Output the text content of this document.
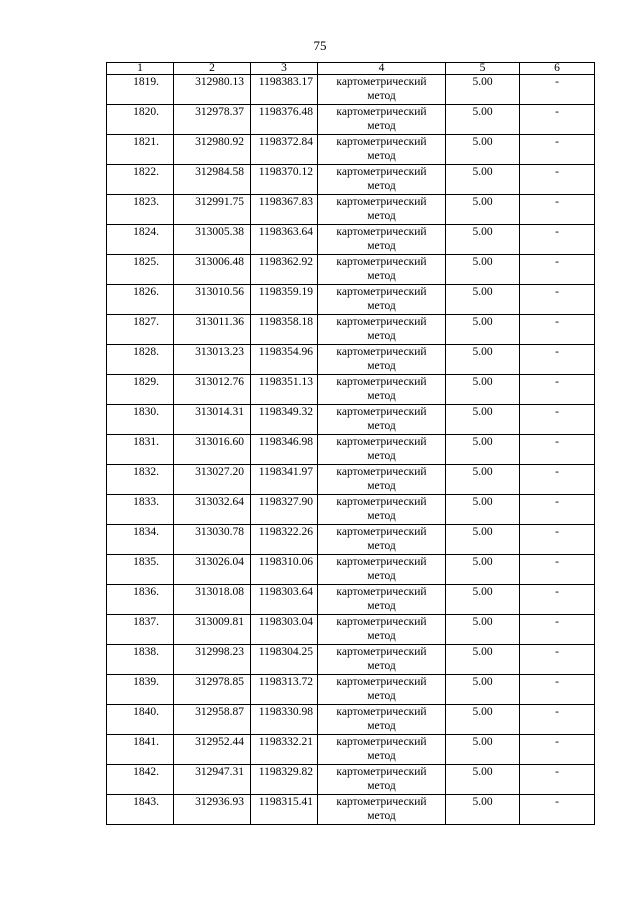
75
1	2	3	4	5	6

1819.	312980.13	1198383.17	картометрический
метод	5.00	-

1820.	312978.37	1198376.48	картометрический
метод	5.00	-

1821.	312980.92	1198372.84	картометрический
метод	5.00	-

1822.	312984.58	1198370.12	картометрический
метод	5.00	-

1823.	312991.75	1198367.83	картометрический
метод	5.00	-

1824.	313005.38	1198363.64	картометрический
метод	5.00	-

1825.	313006.48	1198362.92	картометрический
метод	5.00	-

1826.	313010.56	1198359.19	картометрический
метод	5.00	-

1827.	313011.36	1198358.18	картометрический
метод	5.00	-

1828.	313013.23	1198354.96	картометрический
метод	5.00	-

1829.	313012.76	1198351.13	картометрический
метод	5.00	-

1830.	313014.31	1198349.32	картометрический
метод	5.00	-

1831.	313016.60	1198346.98	картометрический
метод	5.00	-

1832.	313027.20	1198341.97	картометрический
метод	5.00	-

1833.	313032.64	1198327.90	картометрический
метод	5.00	-

1834.	313030.78	1198322.26	картометрический
метод	5.00	-

1835.	313026.04	1198310.06	картометрический
метод	5.00	-

1836.	313018.08	1198303.64	картометрический
метод	5.00	-

1837.	313009.81	1198303.04	картометрический
метод	5.00	-

1838.	312998.23	1198304.25	картометрический
метод	5.00	-

1839.	312978.85	1198313.72	картометрический
метод	5.00	-

1840.	312958.87	1198330.98	картометрический
метод	5.00	-

1841.	312952.44	1198332.21	картометрический
метод	5.00	-

1842.	312947.31	1198329.82	картометрический
метод	5.00	-

1843.	312936.93	1198315.41	картометрический
метод	5.00	-
